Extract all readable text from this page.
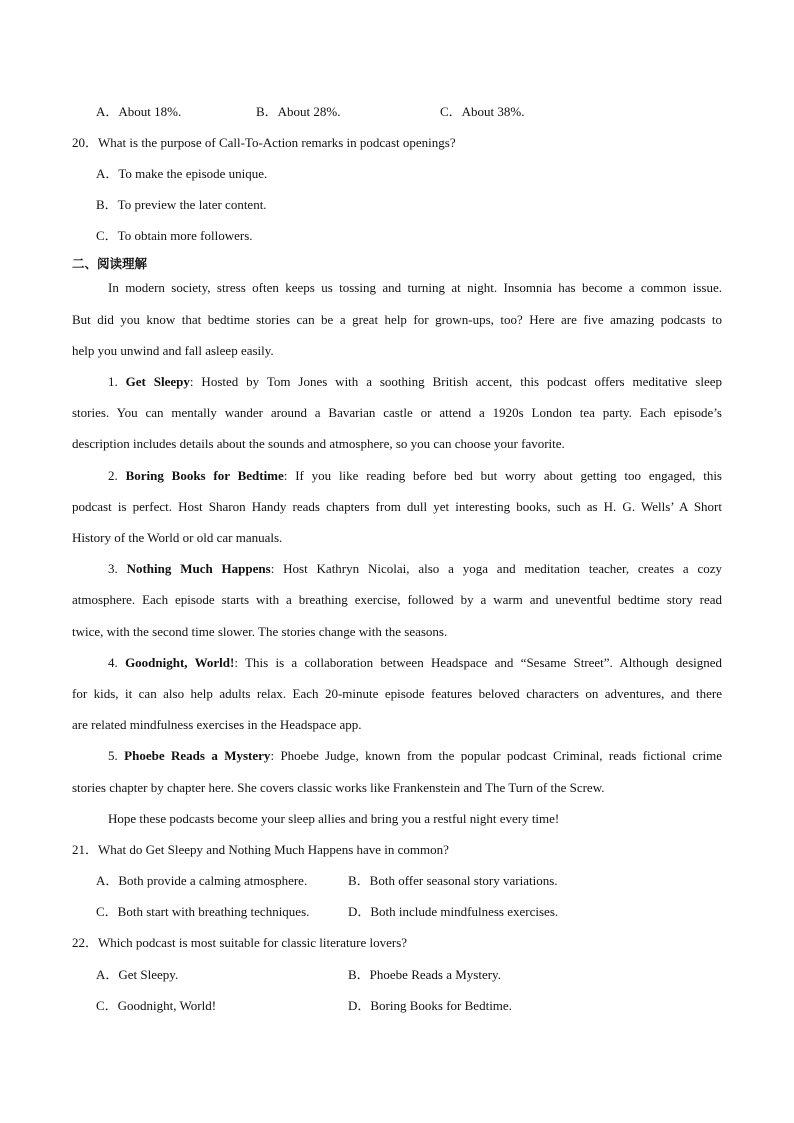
A．About 18%.	B．About 28%.	C．About 38%.
20．What is the purpose of Call-To-Action remarks in podcast openings?
A．To make the episode unique.
B．To preview the later content.
C．To obtain more followers.
二、阅读理解
In modern society, stress often keeps us tossing and turning at night. Insomnia has become a common issue.
But did you know that bedtime stories can be a great help for grown-ups, too? Here are five amazing podcasts to
help you unwind and fall asleep easily.
1. Get Sleepy: Hosted by Tom Jones with a soothing British accent, this podcast offers meditative sleep
stories. You can mentally wander around a Bavarian castle or attend a 1920s London tea party. Each episode’s
description includes details about the sounds and atmosphere, so you can choose your favorite.
2. Boring Books for Bedtime: If you like reading before bed but worry about getting too engaged, this
podcast is perfect. Host Sharon Handy reads chapters from dull yet interesting books, such as H. G. Wells’ A Short
History of the World or old car manuals.
3. Nothing Much Happens: Host Kathryn Nicolai, also a yoga and meditation teacher, creates a cozy
atmosphere. Each episode starts with a breathing exercise, followed by a warm and uneventful bedtime story read
twice, with the second time slower. The stories change with the seasons.
4. Goodnight, World!: This is a collaboration between Headspace and “Sesame Street”. Although designed
for kids, it can also help adults relax. Each 20-minute episode features beloved characters on adventures, and there
are related mindfulness exercises in the Headspace app.
5. Phoebe Reads a Mystery: Phoebe Judge, known from the popular podcast Criminal, reads fictional crime
stories chapter by chapter here. She covers classic works like Frankenstein and The Turn of the Screw.
Hope these podcasts become your sleep allies and bring you a restful night every time!
21．What do Get Sleepy and Nothing Much Happens have in common?
A．Both provide a calming atmosphere.	B．Both offer seasonal story variations.
C．Both start with breathing techniques.	D．Both include mindfulness exercises.
22．Which podcast is most suitable for classic literature lovers?
A．Get Sleepy.	B．Phoebe Reads a Mystery.
C．Goodnight, World!	D．Boring Books for Bedtime.
